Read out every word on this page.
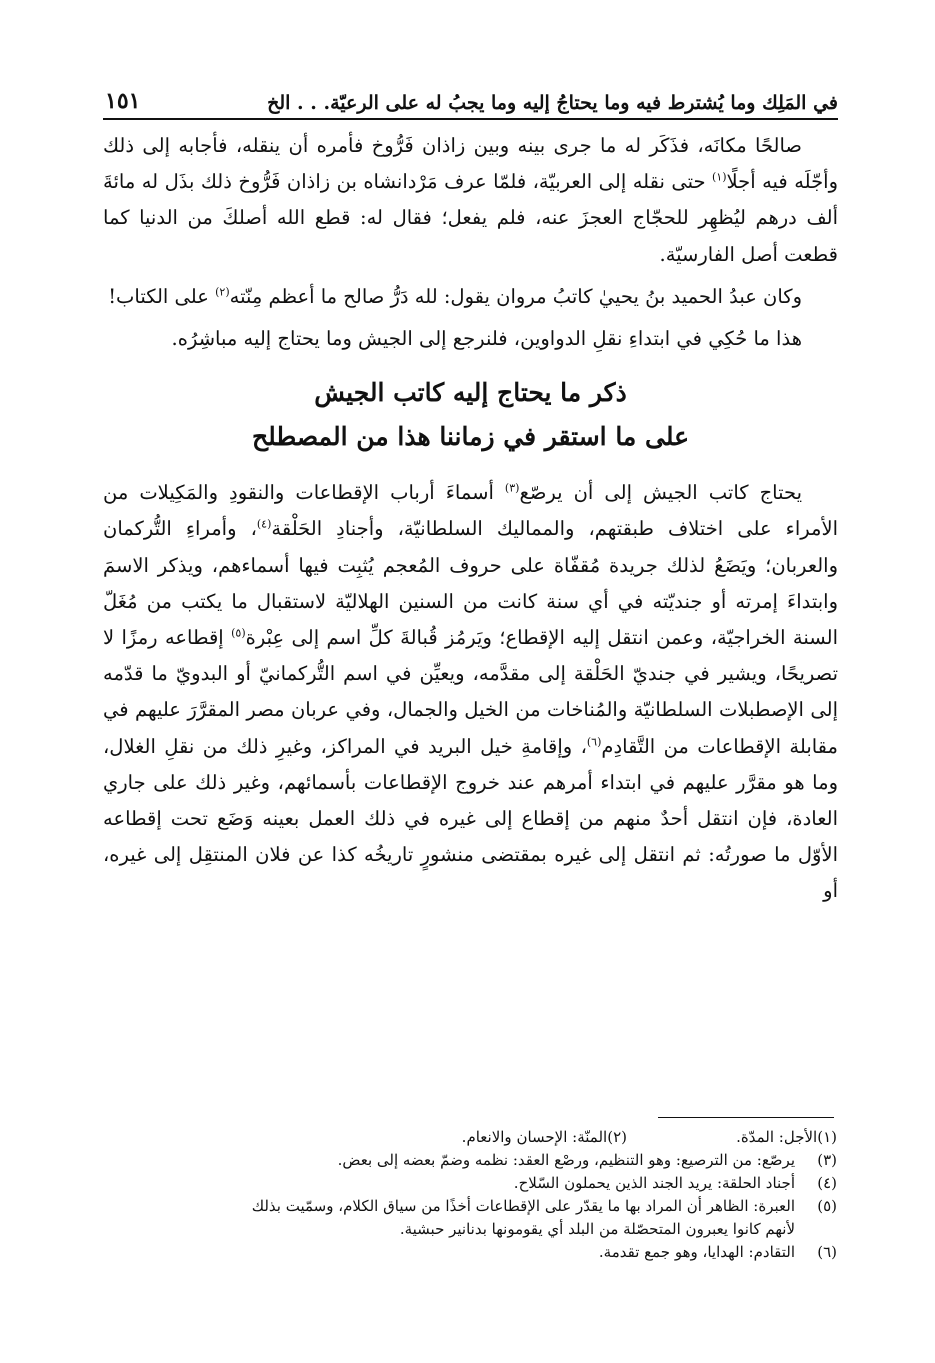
في المَلِك وما يُشترط فيه وما يحتاجُ إليه وما يجبُ له على الرعيّة. . . الخ
١٥١

صالحًا مكانَه، فذَكَر له ما جرى بينه وبين زاذان فَرُّوخ فأمره أن ينقله، فأجابه إلى ذلك وأجّلَه فيه أجلًا$^{(١)}$ حتى نقله إلى العربيّة، فلمّا عرف مَرْدانشاه بن زاذان فَرُّوخ ذلك بذَل له مائةَ ألف درهم ليُظهِر للحجّاج العجزَ عنه، فلم يفعل؛ فقال له: قطع الله أصلكَ من الدنيا كما قطعت أصل الفارسيّة.

وكان عبدُ الحميد بنُ يحييٰ كاتبُ مروان يقول: لله دَرُّ صالح ما أعظم مِنّته$^{(٢)}$ على الكتاب!

هذا ما حُكِي في ابتداءِ نقلِ الدواوين، فلنرجع إلى الجيش وما يحتاج إليه مباشِرُه.

ذكر ما يحتاج إليه كاتب الجيش
على ما استقر في زماننا هذا من المصطلح

يحتاج كاتب الجيش إلى أن يرصّع$^{(٣)}$ أسماءَ أرباب الإقطاعات والنقودِ والمَكِيلات من الأمراء على اختلاف طبقتهم، والمماليك السلطانيّة، وأجنادِ الحَلْقة$^{(٤)}$، وأمراءِ التُّركمان والعربان؛ ويَضَعُ لذلك جريدة مُقفّاة على حروف المُعجم يُثبِت فيها أسماءهم، ويذكر الاسمَ وابتداءَ إمرته أو جنديّته في أي سنة كانت من السنين الهلاليّة لاستقبال ما يكتب من مُغَلّ السنة الخراجيّة، وعمن انتقل إليه الإقطاع؛ ويَرمُز قُبالةَ كلِّ اسم إلى عِبْرة$^{(٥)}$ إقطاعه رمزًا لا تصريحًا، ويشير في جنديّ الحَلْقة إلى مقدَّمه، ويعيِّن في اسم التُّركمانيّ أو البدويّ ما قدّمه إلى الإصطبلات السلطانيّة والمُناخات من الخيل والجمال، وفي عربان مصر المقرَّرَ عليهم في مقابلة الإقطاعات من التَّقادِم$^{(٦)}$، وإقامةِ خيل البريد في المراكز، وغيرِ ذلك من نقلِ الغلال، وما هو مقرَّر عليهم في ابتداء أمرهم عند خروج الإقطاعات بأسمائهم، وغير ذلك على جاري العادة، فإن انتقل أحدٌ منهم من إقطاع إلى غيره في ذلك العمل بعينه وَضَع تحت إقطاعه الأوّل ما صورتُه: ثم انتقل إلى غيره بمقتضى منشورٍ تاريخُه كذا عن فلان المنتقِل إلى غيره، أو

(١)
الأجل: المدّة.
(٢)
المنّة: الإحسان والانعام.
(٣)
يرصّع: من الترصيع: وهو التنظيم، ورصْع العقد: نظمه وضمّ بعضه إلى بعض.
(٤)
أجناد الحلقة: يريد الجند الذين يحملون السّلاح.
(٥)
العبرة: الظاهر أن المراد بها ما يقدّر على الإقطاعات أخذًا من سياق الكلام، وسمّيت بذلك
لأنهم كانوا يعبرون المتحصّلة من البلد أي يقومونها بدنانير حبشية.
(٦)
التقادم: الهدايا، وهو جمع تقدمة.
